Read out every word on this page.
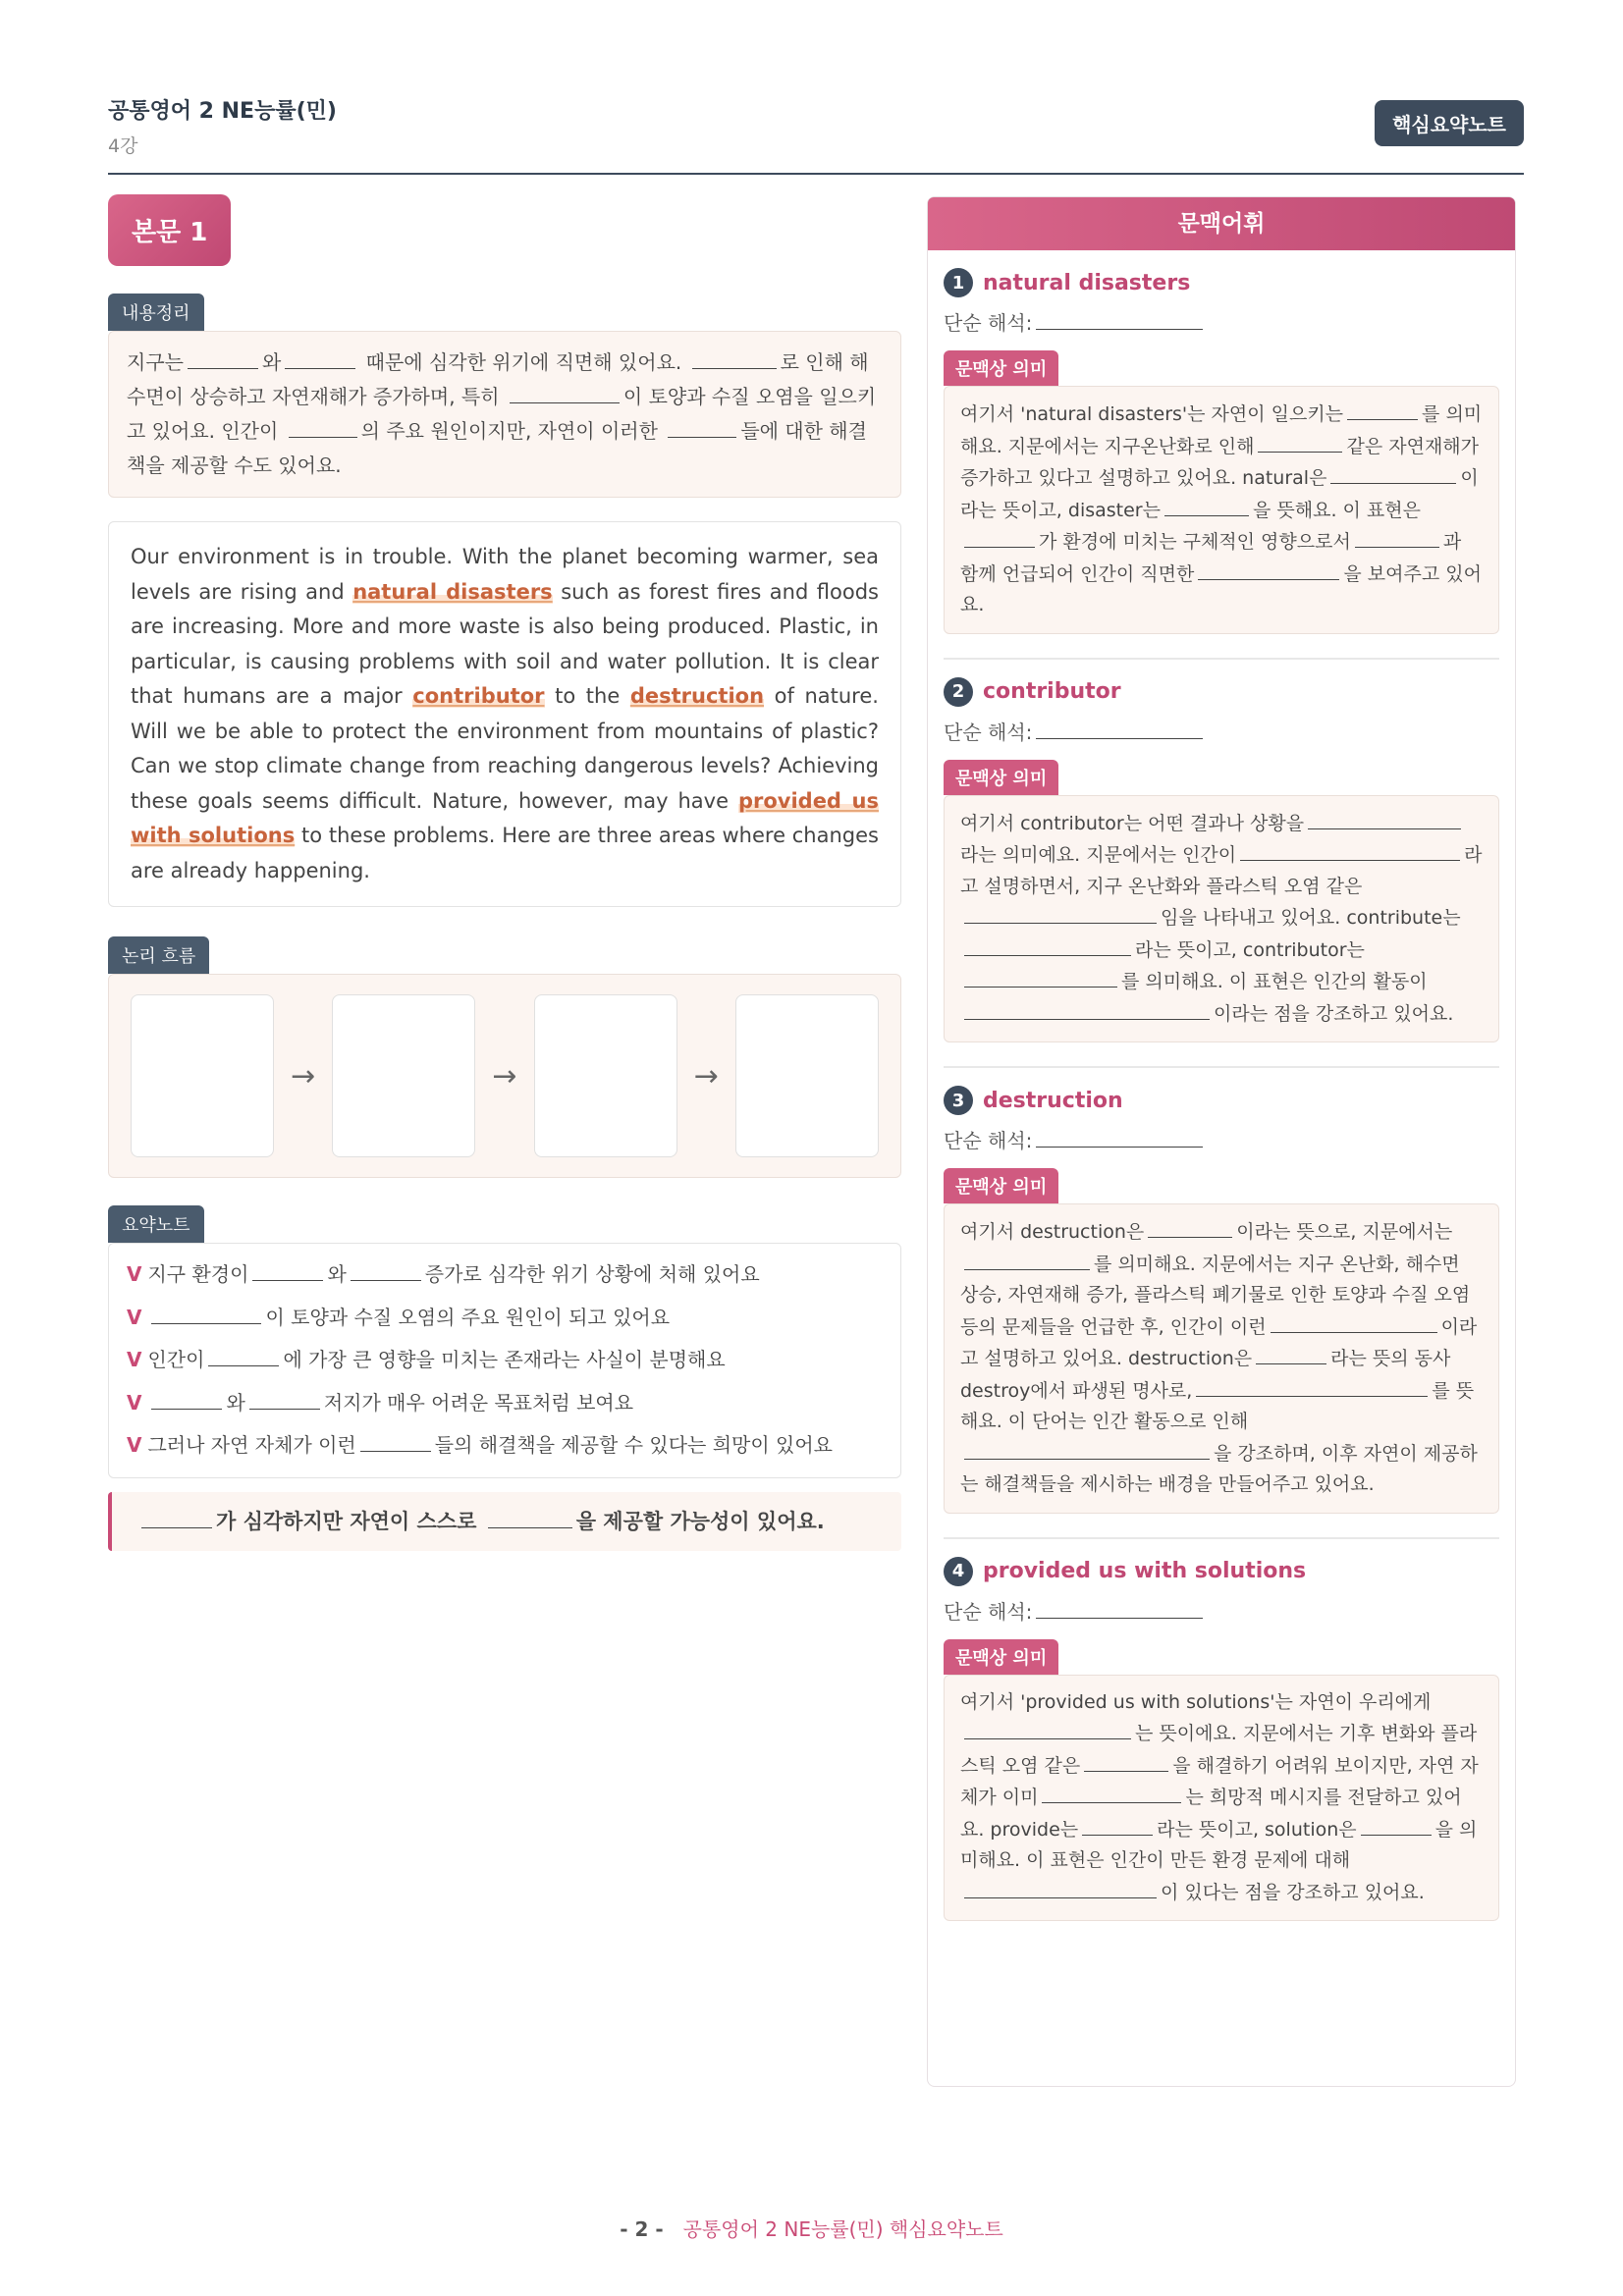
공통영어 2 NE능률(민)
4강
핵심요약노트
본문 1
내용정리
지구는	와	때문에 심각한 위기에 직면해 있어요.	로 인해 해수면이 상승하고 자연재해가 증가하며, 특히	이 토양과 수질 오염을 일으키고 있어요. 인간이	의 주요 원인이지만, 자연이 이러한	들에 대한 해결책을 제공할 수도 있어요.
Our environment is in trouble. With the planet becoming warmer, sea levels are rising and natural disasters such as forest fires and floods are increasing. More and more waste is also being produced. Plastic, in particular, is causing problems with soil and water pollution. It is clear that humans are a major contributor to the destruction of nature. Will we be able to protect the environment from mountains of plastic? Can we stop climate change from reaching dangerous levels? Achieving these goals seems difficult. Nature, however, may have provided us with solutions to these problems. Here are three areas where changes are already happening.
논리 흐름
→	→	→
요약노트
V 지구 환경이	와	증가로 심각한 위기 상황에 처해 있어요
V	이 토양과 수질 오염의 주요 원인이 되고 있어요
V 인간이	에 가장 큰 영향을 미치는 존재라는 사실이 분명해요
V	와	저지가 매우 어려운 목표처럼 보여요
V 그러나 자연 자체가 이런	들의 해결책을 제공할 수 있다는 희망이 있어요
가 심각하지만 자연이 스스로	을 제공할 가능성이 있어요.
문맥어휘
1 natural disasters
단순 해석:
문맥상 의미
여기서 'natural disasters'는 자연이 일으키는	를 의미해요. 지문에서는 지구온난화로 인해	같은 자연재해가 증가하고 있다고 설명하고 있어요. natural은	이라는 뜻이고, disaster는	을 뜻해요. 이 표현은가 환경에 미치는 구체적인 영향으로서	과 함께 언급되어 인간이 직면한	을 보여주고 있어요.
2 contributor
단순 해석:
문맥상 의미
여기서 contributor는 어떤 결과나 상황을라는 의미예요. 지문에서는 인간이	라고 설명하면서, 지구 온난화와 플라스틱 오염 같은임을 나타내고 있어요. contribute는라는 뜻이고, contributor는를 의미해요. 이 표현은 인간의 활동이이라는 점을 강조하고 있어요.
3 destruction
단순 해석:
문맥상 의미
여기서 destruction은	이라는 뜻으로, 지문에서는를 의미해요. 지문에서는 지구 온난화, 해수면 상승, 자연재해 증가, 플라스틱 폐기물로 인한 토양과 수질 오염 등의 문제들을 언급한 후, 인간이 이런	이라고 설명하고 있어요. destruction은	라는 뜻의 동사 destroy에서 파생된 명사로,	를 뜻해요. 이 단어는 인간 활동으로 인해을 강조하며, 이후 자연이 제공하는 해결책들을 제시하는 배경을 만들어주고 있어요.
4 provided us with solutions
단순 해석:
문맥상 의미
여기서 'provided us with solutions'는 자연이 우리에게는 뜻이에요. 지문에서는 기후 변화와 플라스틱 오염 같은	을 해결하기 어려워 보이지만, 자연 자체가 이미	는 희망적 메시지를 전달하고 있어요. provide는	라는 뜻이고, solution은	을 의미해요. 이 표현은 인간이 만든 환경 문제에 대해이 있다는 점을 강조하고 있어요.
- 2 - 공통영어 2 NE능률(민) 핵심요약노트
